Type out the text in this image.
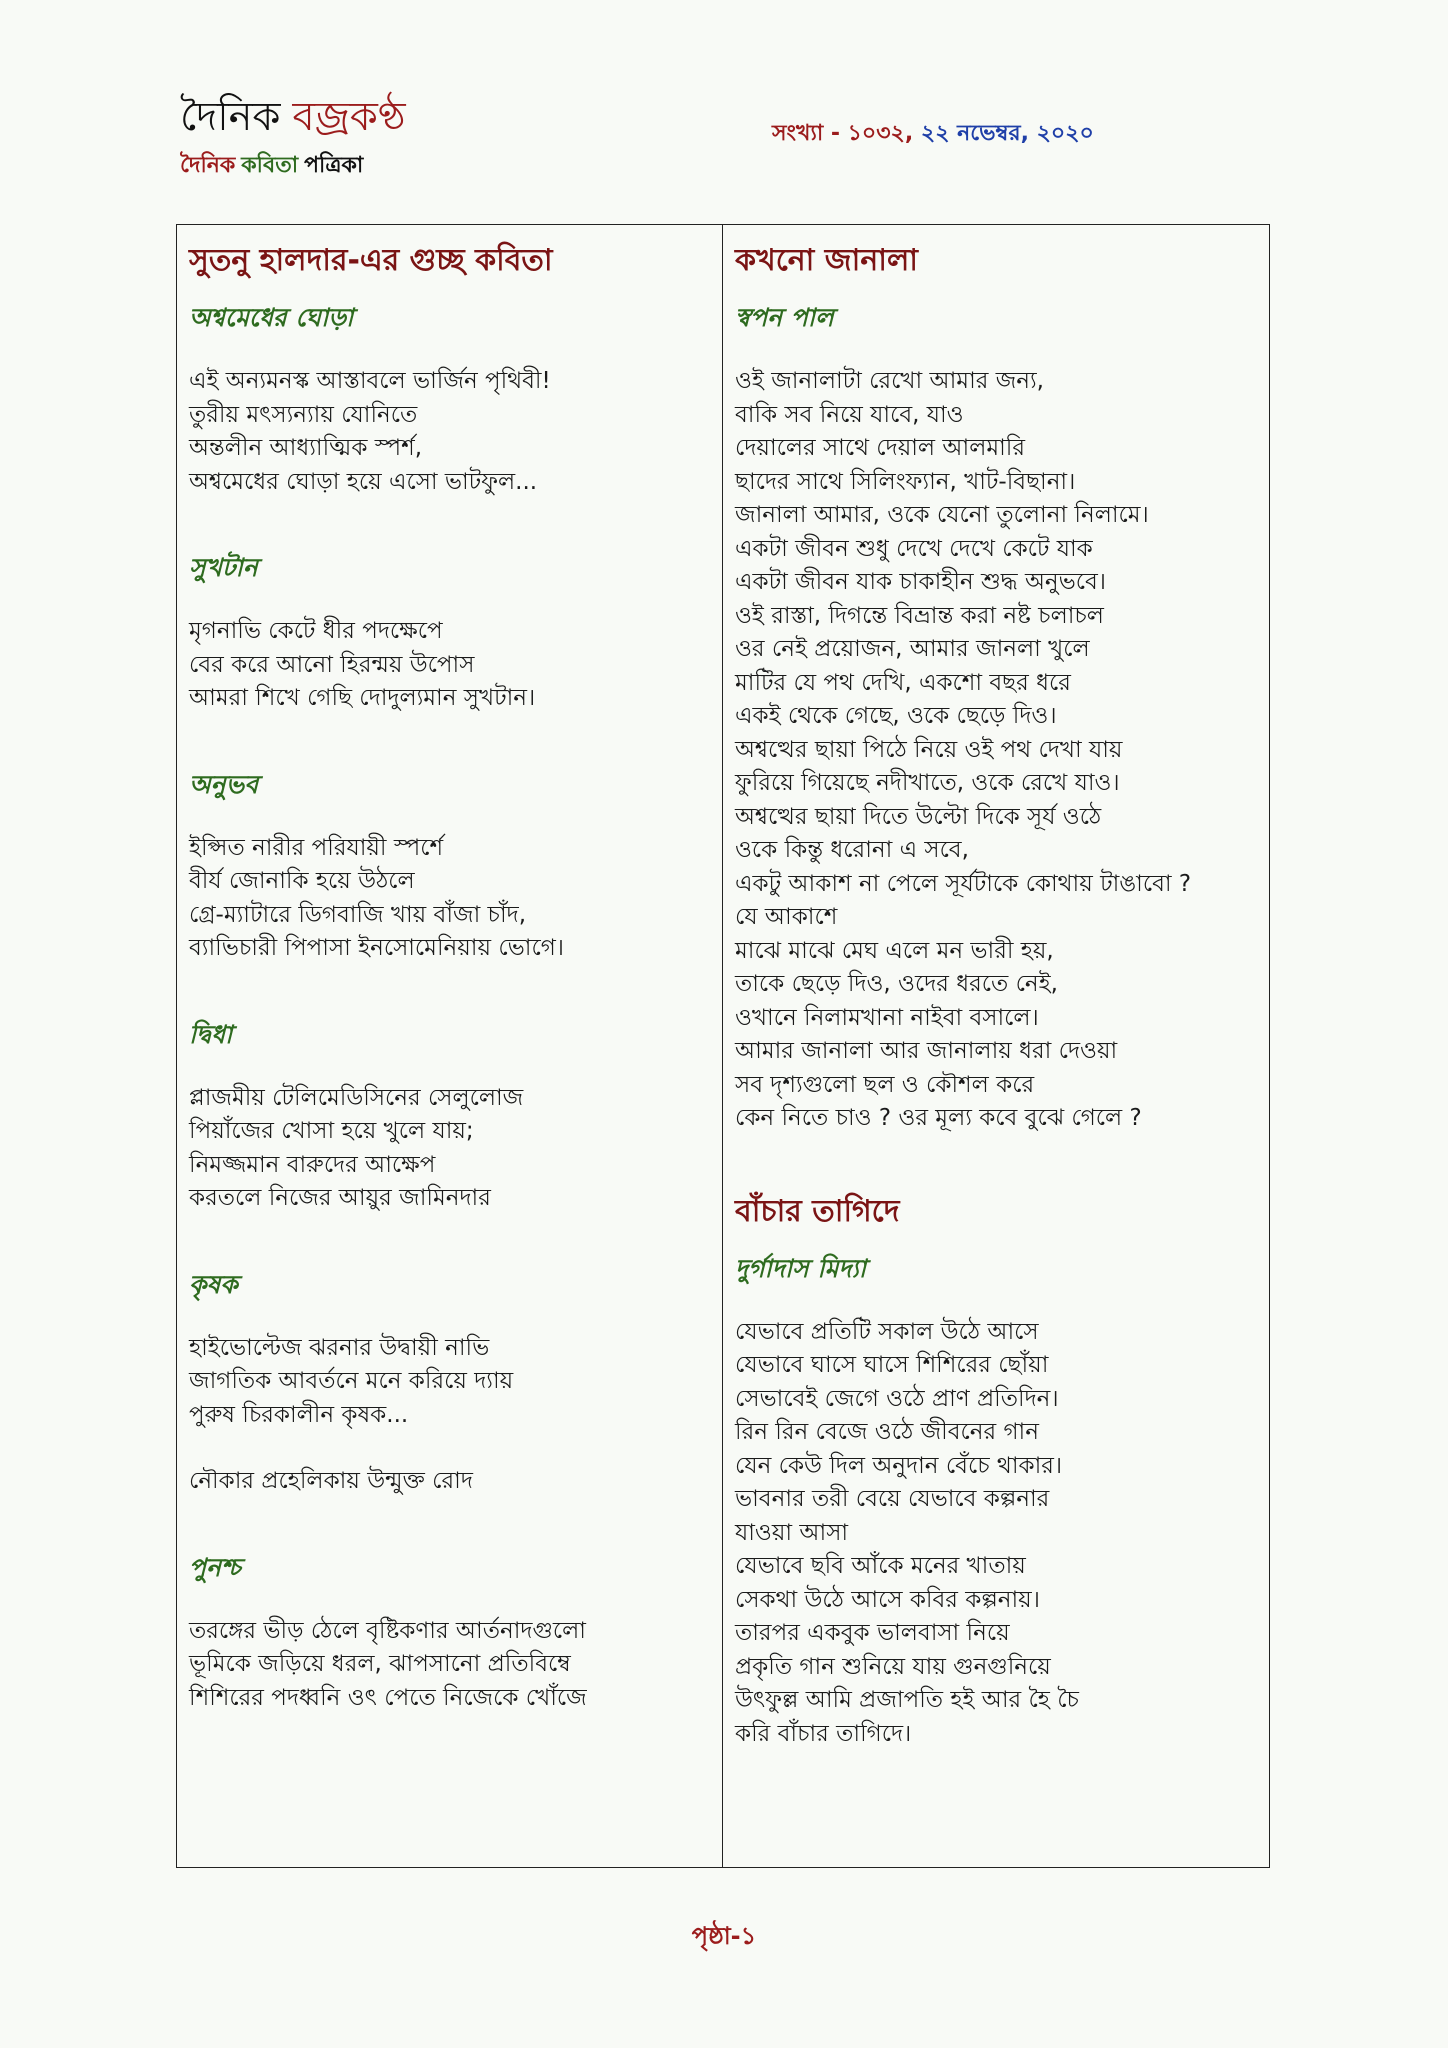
দৈনিক বজ্রকণ্ঠ
দৈনিক কবিতা পত্রিকা
সংখ্যা - ১০৩২, ২২ নভেম্বর, ২০২০
সুতনু হালদার-এর গুচ্ছ কবিতা
অশ্বমেধের ঘোড়া
এই অন্যমনস্ক আস্তাবলে ভার্জিন পৃথিবী!
তুরীয় মৎস্যন্যায় যোনিতে
অন্তলীন আধ্যাত্মিক স্পর্শ,
অশ্বমেধের ঘোড়া হয়ে এসো ভাটফুল...
সুখটান
মৃগনাভি কেটে ধীর পদক্ষেপে
বের করে আনো হিরন্ময় উপোস
আমরা শিখে গেছি দোদুল্যমান সুখটান।
অনুভব
ইপ্সিত নারীর পরিযায়ী স্পর্শে
বীর্য জোনাকি হয়ে উঠলে
গ্রে-ম্যাটারে ডিগবাজি খায় বাঁজা চাঁদ,
ব্যাভিচারী পিপাসা ইনসোমেনিয়ায় ভোগে।
দ্বিধা
প্লাজমীয় টেলিমেডিসিনের সেলুলোজ
পিয়াঁজের খোসা হয়ে খুলে যায়;
নিমজ্জমান বারুদের আক্ষেপ
করতলে নিজের আয়ুর জামিনদার
কৃষক
হাইভোল্টেজ ঝরনার উদ্বায়ী নাভি
জাগতিক আবর্তনে মনে করিয়ে দ্যায়
পুরুষ চিরকালীন কৃষক...
নৌকার প্রহেলিকায় উন্মুক্ত রোদ
পুনশ্চ
তরঙ্গের ভীড় ঠেলে বৃষ্টিকণার আর্তনাদগুলো
ভূমিকে জড়িয়ে ধরল, ঝাপসানো প্রতিবিম্বে
শিশিরের পদধ্বনি ওৎ পেতে নিজেকে খোঁজে
কখনো জানালা
স্বপন পাল
ওই জানালাটা রেখো আমার জন্য,
বাকি সব নিয়ে যাবে, যাও
দেয়ালের সাথে দেয়াল আলমারি
ছাদের সাথে সিলিংফ্যান, খাট-বিছানা।
জানালা আমার, ওকে যেনো তুলোনা নিলামে।
একটা জীবন শুধু দেখে দেখে কেটে যাক
একটা জীবন যাক চাকাহীন শুদ্ধ অনুভবে।
ওই রাস্তা, দিগন্তে বিভ্রান্ত করা নষ্ট চলাচল
ওর নেই প্রয়োজন, আমার জানলা খুলে
মাটির যে পথ দেখি, একশো বছর ধরে
একই থেকে গেছে, ওকে ছেড়ে দিও।
অশ্বত্থের ছায়া পিঠে নিয়ে ওই পথ দেখা যায়
ফুরিয়ে গিয়েছে নদীখাতে, ওকে রেখে যাও।
অশ্বত্থের ছায়া দিতে উল্টো দিকে সূর্য ওঠে
ওকে কিন্তু ধরোনা এ সবে,
একটু আকাশ না পেলে সূর্যটাকে কোথায় টাঙাবো ?
যে আকাশে
মাঝে মাঝে মেঘ এলে মন ভারী হয়,
তাকে ছেড়ে দিও, ওদের ধরতে নেই,
ওখানে নিলামখানা নাইবা বসালে।
আমার জানালা আর জানালায় ধরা দেওয়া
সব দৃশ্যগুলো ছল ও কৌশল করে
কেন নিতে চাও ? ওর মূল্য কবে বুঝে গেলে ?
বাঁচার তাগিদে
দুর্গাদাস মিদ্যা
যেভাবে প্রতিটি সকাল উঠে আসে
যেভাবে ঘাসে ঘাসে শিশিরের ছোঁয়া
সেভাবেই জেগে ওঠে প্রাণ প্রতিদিন।
রিন রিন বেজে ওঠে জীবনের গান
যেন কেউ দিল অনুদান বেঁচে থাকার।
ভাবনার তরী বেয়ে যেভাবে কল্পনার
যাওয়া আসা
যেভাবে ছবি আঁকে মনের খাতায়
সেকথা উঠে আসে কবির কল্পনায়।
তারপর একবুক ভালবাসা নিয়ে
প্রকৃতি গান শুনিয়ে যায় গুনগুনিয়ে
উৎফুল্ল আমি প্রজাপতি হই আর হৈ চৈ
করি বাঁচার তাগিদে।
পৃষ্ঠা-১
